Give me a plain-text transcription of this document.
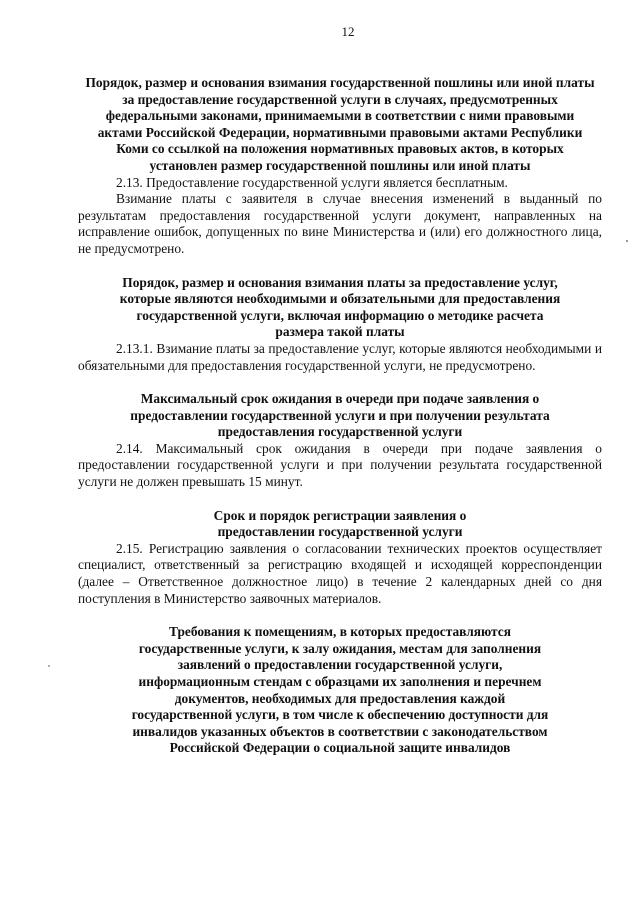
12
Порядок, размер и основания взимания государственной пошлины или иной платы за предоставление государственной услуги в случаях, предусмотренных федеральными законами, принимаемыми в соответствии с ними правовыми актами Российской Федерации, нормативными правовыми актами Республики Коми со ссылкой на положения нормативных правовых актов, в которых установлен размер государственной пошлины или иной платы

2.13. Предоставление государственной услуги является бесплатным.

Взимание платы с заявителя в случае внесения изменений в выданный по результатам предоставления государственной услуги документ, направленных на исправление ошибок, допущенных по вине Министерства и (или) его должностного лица, не предусмотрено.

Порядок, размер и основания взимания платы за предоставление услуг, которые являются необходимыми и обязательными для предоставления государственной услуги, включая информацию о методике расчета размера такой платы

2.13.1. Взимание платы за предоставление услуг, которые являются необходимыми и обязательными для предоставления государственной услуги, не предусмотрено.

Максимальный срок ожидания в очереди при подаче заявления о предоставлении государственной услуги и при получении результата предоставления государственной услуги

2.14. Максимальный срок ожидания в очереди при подаче заявления о предоставлении государственной услуги и при получении результата государственной услуги не должен превышать 15 минут.

Срок и порядок регистрации заявления о предоставлении государственной услуги

2.15. Регистрацию заявления о согласовании технических проектов осуществляет специалист, ответственный за регистрацию входящей и исходящей корреспонденции (далее – Ответственное должностное лицо) в течение 2 календарных дней со дня поступления в Министерство заявочных материалов.

Требования к помещениям, в которых предоставляются государственные услуги, к залу ожидания, местам для заполнения заявлений о предоставлении государственной услуги, информационным стендам с образцами их заполнения и перечнем документов, необходимых для предоставления каждой государственной услуги, в том числе к обеспечению доступности для инвалидов указанных объектов в соответствии с законодательством Российской Федерации о социальной защите инвалидов
